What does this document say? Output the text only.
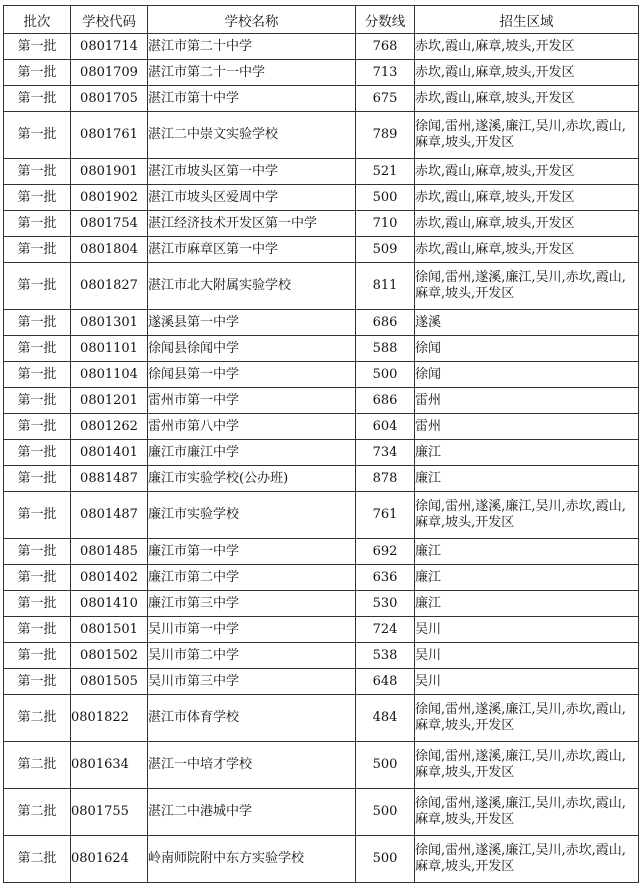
批次	学校代码	学校名称	分数线	招生区域
第一批	0801714	湛江市第二十中学	768	赤坎,霞山,麻章,坡头,开发区
第一批	0801709	湛江市第二十一中学	713	赤坎,霞山,麻章,坡头,开发区
第一批	0801705	湛江市第十中学	675	赤坎,霞山,麻章,坡头,开发区
第一批	0801761	湛江二中崇文实验学校	789	徐闻,雷州,遂溪,廉江,吴川,赤坎,霞山,麻章,坡头,开发区
第一批	0801901	湛江市坡头区第一中学	521	赤坎,霞山,麻章,坡头,开发区
第一批	0801902	湛江市坡头区爱周中学	500	赤坎,霞山,麻章,坡头,开发区
第一批	0801754	湛江经济技术开发区第一中学	710	赤坎,霞山,麻章,坡头,开发区
第一批	0801804	湛江市麻章区第一中学	509	赤坎,霞山,麻章,坡头,开发区
第一批	0801827	湛江市北大附属实验学校	811	徐闻,雷州,遂溪,廉江,吴川,赤坎,霞山,麻章,坡头,开发区
第一批	0801301	遂溪县第一中学	686	遂溪
第一批	0801101	徐闻县徐闻中学	588	徐闻
第一批	0801104	徐闻县第一中学	500	徐闻
第一批	0801201	雷州市第一中学	686	雷州
第一批	0801262	雷州市第八中学	604	雷州
第一批	0801401	廉江市廉江中学	734	廉江
第一批	0881487	廉江市实验学校(公办班)	878	廉江
第一批	0801487	廉江市实验学校	761	徐闻,雷州,遂溪,廉江,吴川,赤坎,霞山,麻章,坡头,开发区
第一批	0801485	廉江市第一中学	692	廉江
第一批	0801402	廉江市第二中学	636	廉江
第一批	0801410	廉江市第三中学	530	廉江
第一批	0801501	吴川市第一中学	724	吴川
第一批	0801502	吴川市第二中学	538	吴川
第一批	0801505	吴川市第三中学	648	吴川
第二批	0801822	湛江市体育学校	484	徐闻,雷州,遂溪,廉江,吴川,赤坎,霞山,麻章,坡头,开发区
第二批	0801634	湛江一中培才学校	500	徐闻,雷州,遂溪,廉江,吴川,赤坎,霞山,麻章,坡头,开发区
第二批	0801755	湛江二中港城中学	500	徐闻,雷州,遂溪,廉江,吴川,赤坎,霞山,麻章,坡头,开发区
第二批	0801624	岭南师院附中东方实验学校	500	徐闻,雷州,遂溪,廉江,吴川,赤坎,霞山,麻章,坡头,开发区
